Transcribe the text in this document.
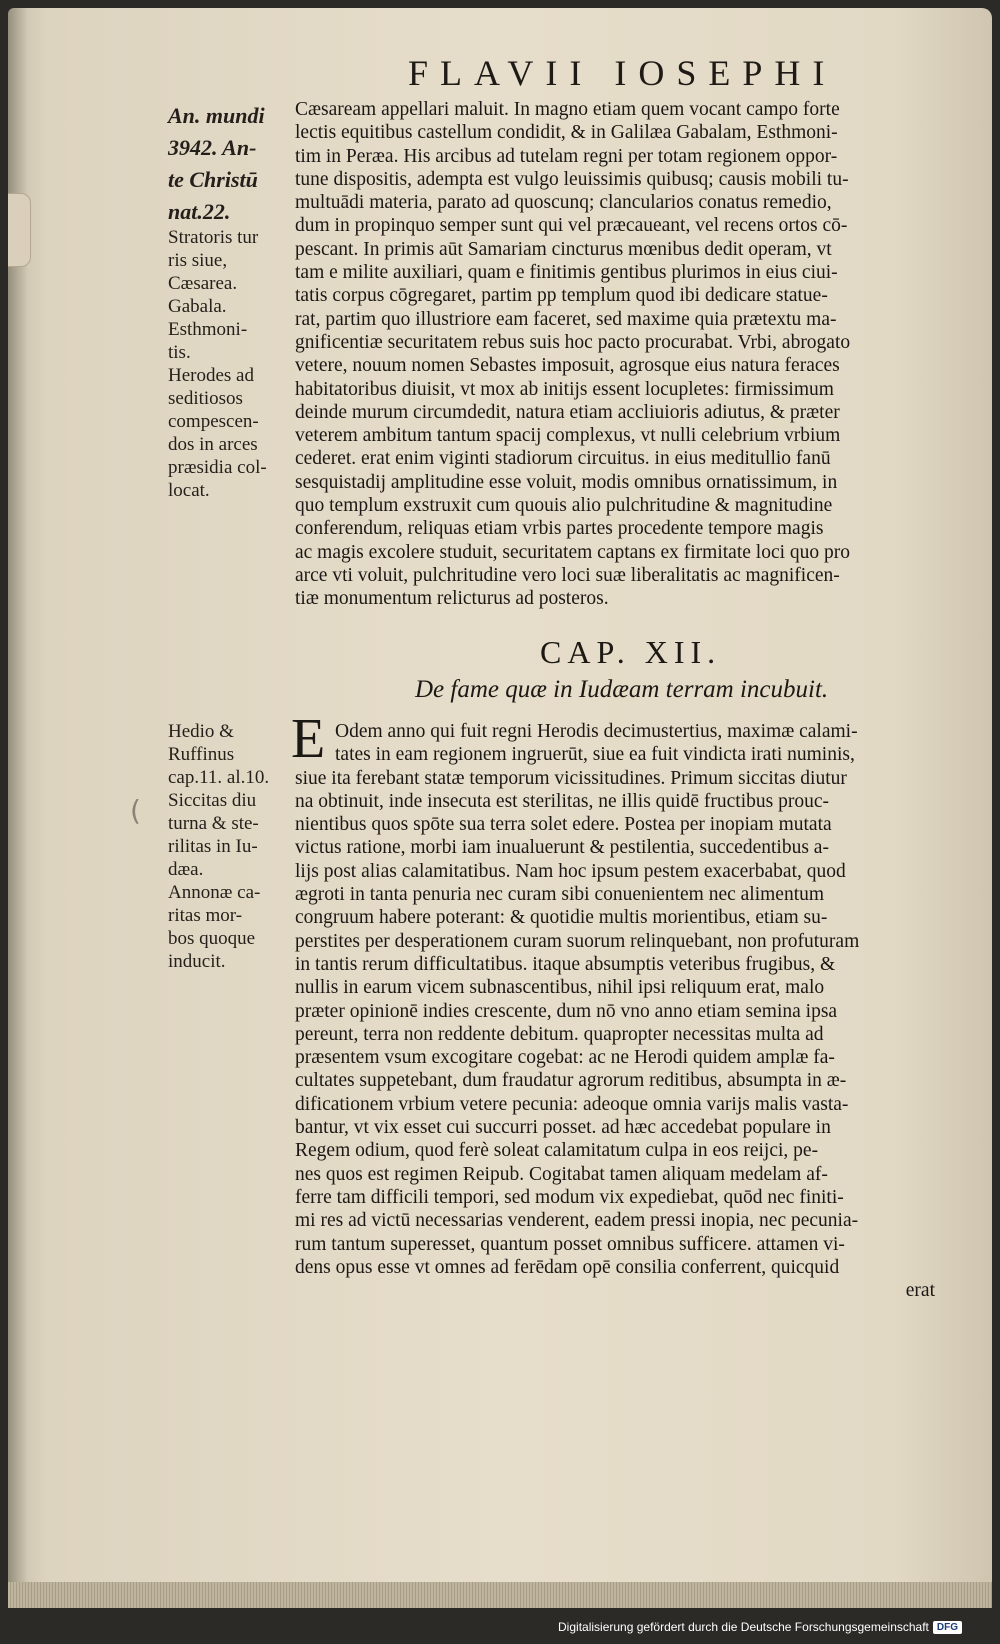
FLAVII IOSEPHI
An. mundi
3942. An-
te Christū
nat.22.
Stratoris tur
ris siue,
Cæsarea.
Gabala.
Esthmoni-
tis.
Herodes ad
seditiosos
compescen-
dos in arces
præsidia col-
locat.
Cæsaream appellari maluit. In magno etiam quem vocant campo forte
lectis equitibus castellum condidit, & in Galilæa Gabalam, Esthmoni-
tim in Peræa. His arcibus ad tutelam regni per totam regionem oppor-
tune dispositis, adempta est vulgo leuissimis quibusq; causis mobili tu-
multuādi materia, parato ad quoscunq; clancularios conatus remedio,
dum in propinquo semper sunt qui vel præcaueant, vel recens ortos cō-
pescant. In primis aūt Samariam cincturus mœnibus dedit operam, vt
tam e milite auxiliari, quam e finitimis gentibus plurimos in eius ciui-
tatis corpus cōgregaret, partim pp templum quod ibi dedicare statue-
rat, partim quo illustriore eam faceret, sed maxime quia prætextu ma-
gnificentiæ securitatem rebus suis hoc pacto procurabat. Vrbi, abrogato
vetere, nouum nomen Sebastes imposuit, agrosque eius natura feraces
habitatoribus diuisit, vt mox ab initijs essent locupletes: firmissimum
deinde murum circumdedit, natura etiam accliuioris adiutus, & præter
veterem ambitum tantum spacij complexus, vt nulli celebrium vrbium
cederet. erat enim viginti stadiorum circuitus. in eius meditullio fanū
sesquistadij amplitudine esse voluit, modis omnibus ornatissimum, in
quo templum exstruxit cum quouis alio pulchritudine & magnitudine
conferendum, reliquas etiam vrbis partes procedente tempore magis
ac magis excolere studuit, securitatem captans ex firmitate loci quo pro
arce vti voluit, pulchritudine vero loci suæ liberalitatis ac magnificen-
tiæ monumentum relicturus ad posteros.
CAP. XII.
De fame quæ in Iudæam terram incubuit.
Hedio &
Ruffinus
cap.11. al.10.
Siccitas diu
turna & ste-
rilitas in Iu-
dæa.
Annonæ ca-
ritas mor-
bos quoque
inducit.
(
E Odem anno qui fuit regni Herodis decimustertius, maximæ calami-
tates in eam regionem ingruerūt, siue ea fuit vindicta irati numinis,
siue ita ferebant statæ temporum vicissitudines. Primum siccitas diutur
na obtinuit, inde insecuta est sterilitas, ne illis quidē fructibus prouc-
nientibus quos spōte sua terra solet edere. Postea per inopiam mutata
victus ratione, morbi iam inualuerunt & pestilentia, succedentibus a-
lijs post alias calamitatibus. Nam hoc ipsum pestem exacerbabat, quod
ægroti in tanta penuria nec curam sibi conuenientem nec alimentum
congruum habere poterant: & quotidie multis morientibus, etiam su-
perstites per desperationem curam suorum relinquebant, non profuturam
in tantis rerum difficultatibus. itaque absumptis veteribus frugibus, &
nullis in earum vicem subnascentibus, nihil ipsi reliquum erat, malo
præter opinionē indies crescente, dum nō vno anno etiam semina ipsa
pereunt, terra non reddente debitum. quapropter necessitas multa ad
præsentem vsum excogitare cogebat: ac ne Herodi quidem amplæ fa-
cultates suppetebant, dum fraudatur agrorum reditibus, absumpta in æ-
dificationem vrbium vetere pecunia: adeoque omnia varijs malis vasta-
bantur, vt vix esset cui succurri posset. ad hæc accedebat populare in
Regem odium, quod ferè soleat calamitatum culpa in eos reijci, pe-
nes quos est regimen Reipub. Cogitabat tamen aliquam medelam af-
ferre tam difficili tempori, sed modum vix expediebat, quōd nec finiti-
mi res ad victū necessarias venderent, eadem pressi inopia, nec pecunia-
rum tantum superesset, quantum posset omnibus sufficere. attamen vi-
dens opus esse vt omnes ad ferēdam opē consilia conferrent, quicquid
erat
Digitalisierung gefördert durch die Deutsche Forschungsgemeinschaft DFG
